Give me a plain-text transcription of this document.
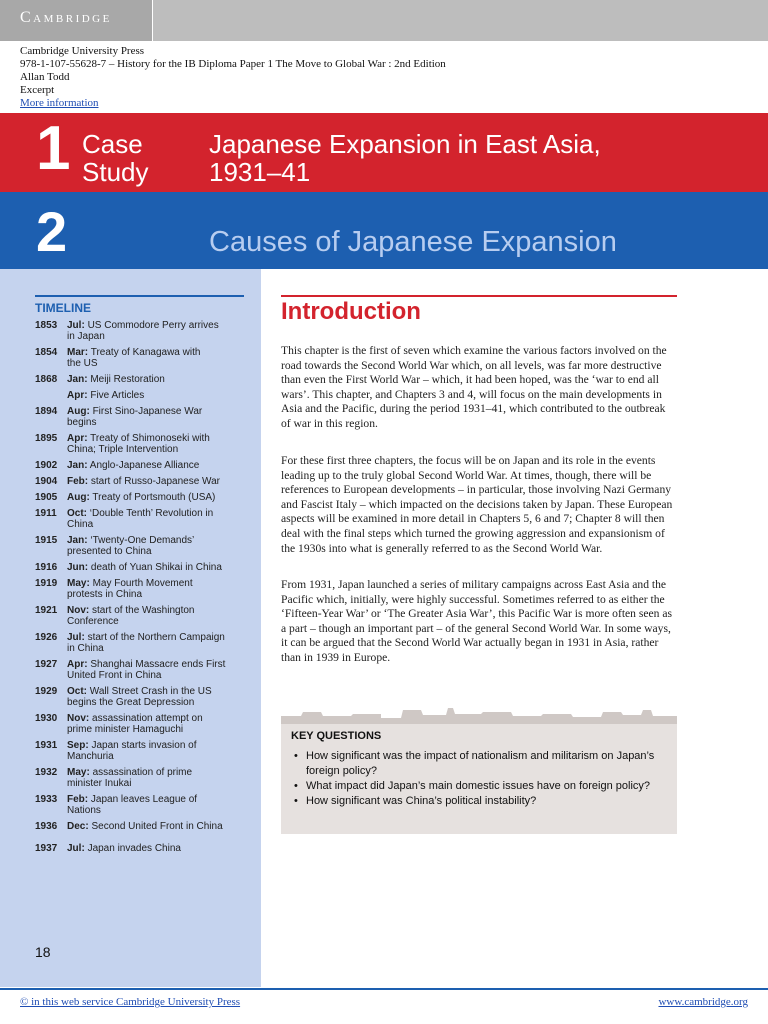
Cambridge
Cambridge University Press
978-1-107-55628-7 – History for the IB Diploma Paper 1 The Move to Global War : 2nd Edition
Allan Todd
Excerpt
More information
1 Case
Study
Japanese Expansion in East Asia,
1931–41
2	Causes of Japanese Expansion
TIMELINE
1853 Jul: US Commodore Perry arrives
in Japan
1854 Mar: Treaty of Kanagawa with
the US
1868 Jan: Meiji Restoration
Apr: Five Articles
1894 Aug: First Sino-Japanese War
begins
1895 Apr: Treaty of Shimonoseki with
China; Triple Intervention
1902 Jan: Anglo-Japanese Alliance
1904 Feb: start of Russo-Japanese War
1905 Aug: Treaty of Portsmouth (USA)
1911	Oct: ‘Double Tenth’ Revolution in
China
1915 Jan: ‘Twenty-One Demands’
presented to China
1916 Jun: death of Yuan Shikai in China
1919 May: May Fourth Movement
protests in China
1921 Nov: start of the Washington
Conference
1926 Jul: start of the Northern Campaign
in China
1927 Apr: Shanghai Massacre ends First
United Front in China
1929 Oct: Wall Street Crash in the US
begins the Great Depression
1930 Nov: assassination attempt on
prime minister Hamaguchi
1931 Sep: Japan starts invasion of
Manchuria
1932 May: assassination of prime
minister Inukai
1933 Feb: Japan leaves League of
Nations
1936 Dec: Second United Front in China
1937 Jul: Japan invades China
18
Introduction

This chapter is the first of seven which examine the various factors involved on the road towards the Second World War which, on all levels, was far more destructive than even the First World War – which, it had been hoped, was the ‘war to end all wars’. This chapter, and Chapters 3 and 4, will focus on the main developments in Asia and the Pacific, during the period 1931–41, which contributed to the outbreak of war in this region.

For these first three chapters, the focus will be on Japan and its role in the events leading up to the truly global Second World War. At times, though, there will be references to European developments – in particular, those involving Nazi Germany and Fascist Italy – which impacted on the decisions taken by Japan. These European aspects will be examined in more detail in Chapters 5, 6 and 7; Chapter 8 will then deal with the final steps which turned the growing aggression and expansionism of the 1930s into what is generally referred to as the Second World War.

From 1931, Japan launched a series of military campaigns across East Asia and the Pacific which, initially, were highly successful. Sometimes referred to as either the ‘Fifteen-Year War’ or ‘The Greater Asia War’, this Pacific War is more often seen as a part – though an important part – of the general Second World War. In some ways, it can be argued that the Second World War actually began in 1931 in Asia, rather than in 1939 in Europe.

KEY QUESTIONS
• How significant was the impact of nationalism and militarism on Japan’s foreign policy?
• What impact did Japan’s main domestic issues have on foreign policy?
• How significant was China’s political instability?
© in this web service Cambridge University Press	www.cambridge.org
